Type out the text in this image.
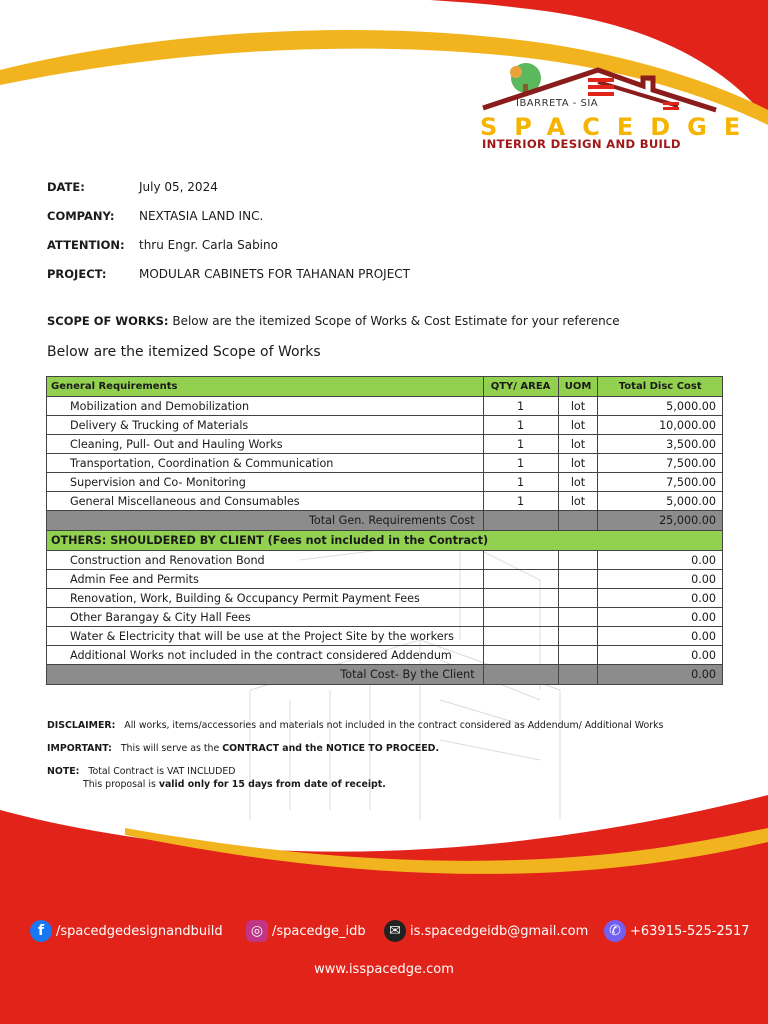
IBARRETA - SIA
SPACEDGE
INTERIOR DESIGN AND BUILD
DATE:	July 05, 2024
COMPANY: NEXTASIA LAND INC.
ATTENTION: thru Engr. Carla Sabino
PROJECT:	MODULAR CABINETS FOR TAHANAN PROJECT
SCOPE OF WORKS: Below are the itemized Scope of Works & Cost Estimate for your reference
Below are the itemized Scope of Works
General Requirements	QTY/ AREA	UOM	Total Disc Cost
Mobilization and Demobilization	1	lot	5,000.00
Delivery & Trucking of Materials	1	lot	10,000.00
Cleaning, Pull- Out and Hauling Works	1	lot	3,500.00
Transportation, Coordination & Communication	1	lot	7,500.00
Supervision and Co- Monitoring	1	lot	7,500.00
General Miscellaneous and Consumables	1	lot	5,000.00
Total Gen. Requirements Cost			25,000.00
OTHERS: SHOULDERED BY CLIENT (Fees not included in the Contract)			
Construction and Renovation Bond			0.00
Admin Fee and Permits			0.00
Renovation, Work, Building & Occupancy Permit Payment Fees			0.00
Other Barangay & City Hall Fees			0.00
Water & Electricity that will be use at the Project Site by the workers			0.00
Additional Works not included in the contract considered Addendum			0.00
Total Cost- By the Client			0.00
DISCLAIMER: All works, items/accessories and materials not included in the contract considered as Addendum/ Additional Works
IMPORTANT: This will serve as the CONTRACT and the NOTICE TO PROCEED.
NOTE: Total Contract is VAT INCLUDED
This proposal is valid only for 15 days from date of receipt.
f /spacedgedesignandbuild	◎ /spacedge_idb	✉ is.spacedgeidb@gmail.com	✆ +63915-525-2517
www.isspacedge.com
